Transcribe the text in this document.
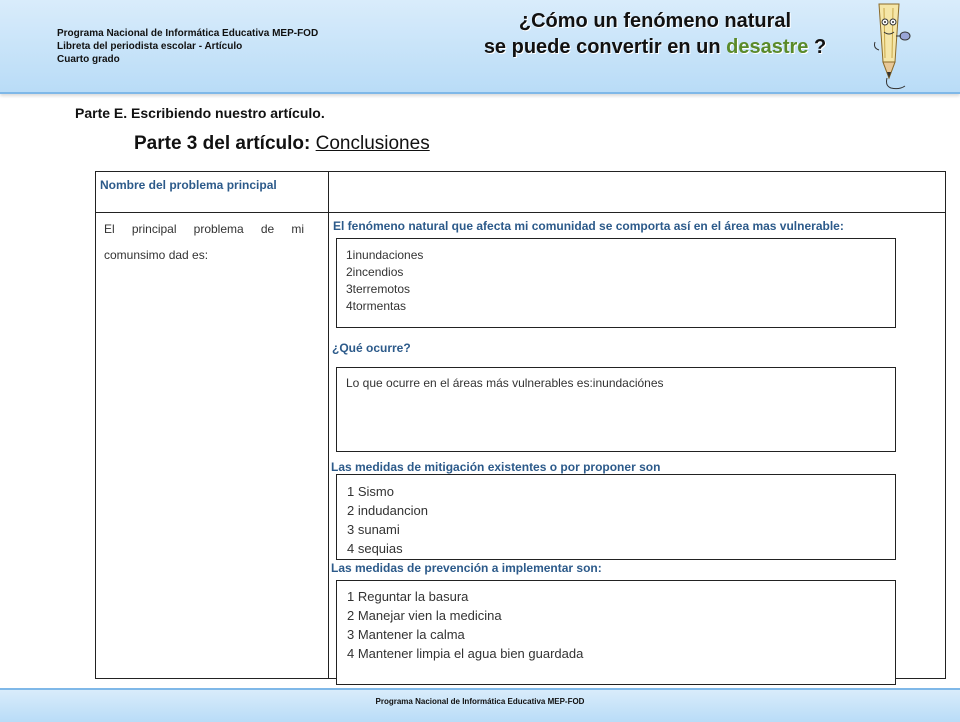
Programa Nacional de Informática Educativa MEP-FOD
Libreta del periodista escolar - Artículo
Cuarto grado
¿Cómo un fenómeno natural
se puede convertir en un desastre ?
Parte E. Escribiendo nuestro artículo.
Parte 3 del artículo: Conclusiones
Nombre del problema principal
El principal problema de mi comunsimo dad es:
El fenómeno natural que afecta mi comunidad se comporta así en el área mas vulnerable:
1inundaciones
2incendios
3terremotos
4tormentas
¿Qué ocurre?
Lo que ocurre en el áreas más vulnerables es:inundaciónes
Las medidas de mitigación existentes o por proponer son
1 Sismo
2 indudancion
3 sunami
4 sequias
Las medidas de prevención a implementar son:
1 Reguntar la basura
2 Manejar vien la medicina
3 Mantener la calma
4 Mantener limpia el agua bien guardada
Programa Nacional de Informática Educativa MEP-FOD
